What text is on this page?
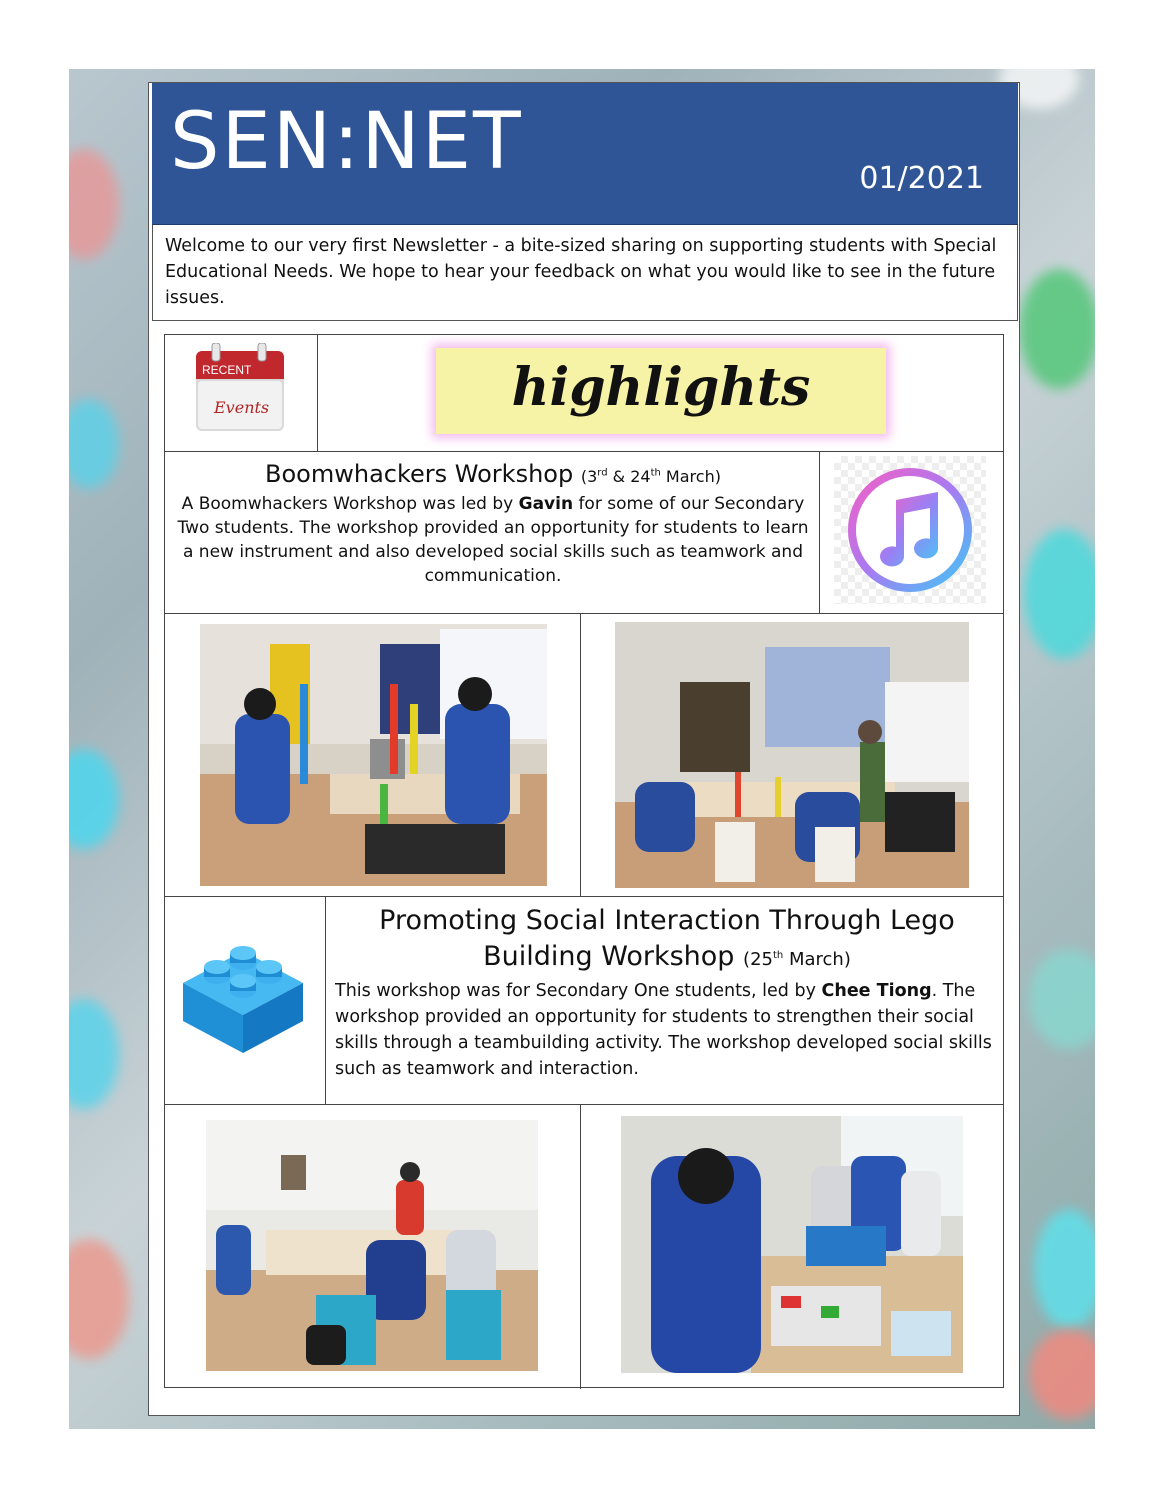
SEN:NET	01/2021
Welcome to our very first Newsletter - a bite-sized sharing on supporting students with Special Educational Needs. We hope to hear your feedback on what you would like to see in the future issues.
RECENT
Events	highlights
Boomwhackers Workshop (3rd & 24th March)
A Boomwhackers Workshop was led by Gavin for some of our Secondary Two students. The workshop provided an opportunity for students to learn a new instrument and also developed social skills such as teamwork and communication.
Promoting Social Interaction Through Lego Building Workshop (25th March)
This workshop was for Secondary One students, led by Chee Tiong. The workshop provided an opportunity for students to strengthen their social skills through a teambuilding activity. The workshop developed social skills such as teamwork and interaction.
